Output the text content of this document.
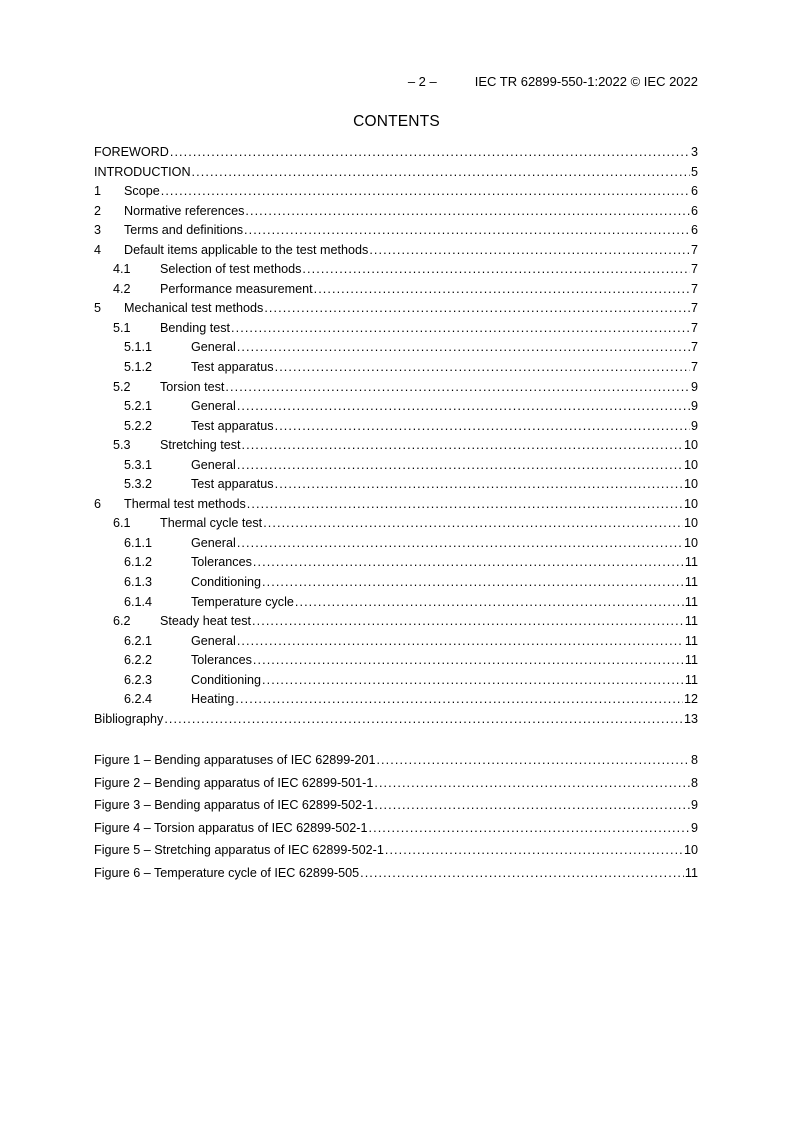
– 2 –	IEC TR 62899-550-1:2022 © IEC 2022
CONTENTS
FOREWORD .....	3
INTRODUCTION .....	5
1	Scope .....	6
2	Normative references .....	6
3	Terms and definitions .....	6
4	Default items applicable to the test methods .....	7
4.1	Selection of test methods .....	7
4.2	Performance measurement .....	7
5	Mechanical test methods .....	7
5.1	Bending test .....	7
5.1.1	General .....	7
5.1.2	Test apparatus .....	7
5.2	Torsion test .....	9
5.2.1	General .....	9
5.2.2	Test apparatus .....	9
5.3	Stretching test .....	10
5.3.1	General .....	10
5.3.2	Test apparatus .....	10
6	Thermal test methods .....	10
6.1	Thermal cycle test .....	10
6.1.1	General .....	10
6.1.2	Tolerances .....	11
6.1.3	Conditioning .....	11
6.1.4	Temperature cycle .....	11
6.2	Steady heat test .....	11
6.2.1	General .....	11
6.2.2	Tolerances .....	11
6.2.3	Conditioning .....	11
6.2.4	Heating .....	12
Bibliography .....	13
Figure 1 – Bending apparatuses of IEC 62899-201 .....	8
Figure 2 – Bending apparatus of IEC 62899-501-1 .....	8
Figure 3 – Bending apparatus of IEC 62899-502-1 .....	9
Figure 4 – Torsion apparatus of IEC 62899-502-1 .....	9
Figure 5 – Stretching apparatus of IEC 62899-502-1 .....	10
Figure 6 – Temperature cycle of IEC 62899-505 .....	11
